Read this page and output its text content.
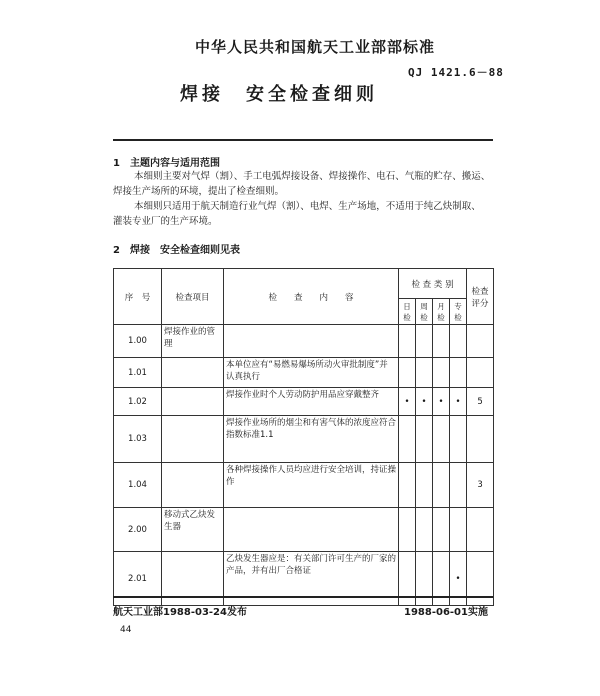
中华人民共和国航天工业部部标准
QJ 1421.6－88
焊接　安全检查细则
1　主题内容与适用范围
本细则主要对气焊（割）、手工电弧焊接设备、焊接操作、电石、气瓶的贮存、搬运、
焊接生产场所的环境，提出了检查细则。
本细则只适用于航天制造行业气焊（割）、电焊、生产场地，不适用于纯乙炔制取、
灌装专业厂的生产环境。
2　焊接　安全检查细则见表
序　号	检查项目	检　　查　　内　　容	检 查 类 别				检查评分
			日检	周检	月检	专检	
1.00	焊接作业的管理						
1.01		本单位应有“易燃易爆场所动火审批制度”并认真执行					
1.02		焊接作业时个人劳动防护用品应穿戴整齐	•	•	•	•	5
1.03		焊接作业场所的烟尘和有害气体的浓度应符合指数标准1.1					
1.04		各种焊接操作人员均应进行安全培训，持证操作					3
2.00	移动式乙炔发生器						
2.01		乙炔发生器应是：有关部门许可生产的厂家的产品，并有出厂合格证				•	
航天工业部1988-03-24发布	1988-06-01实施
44
